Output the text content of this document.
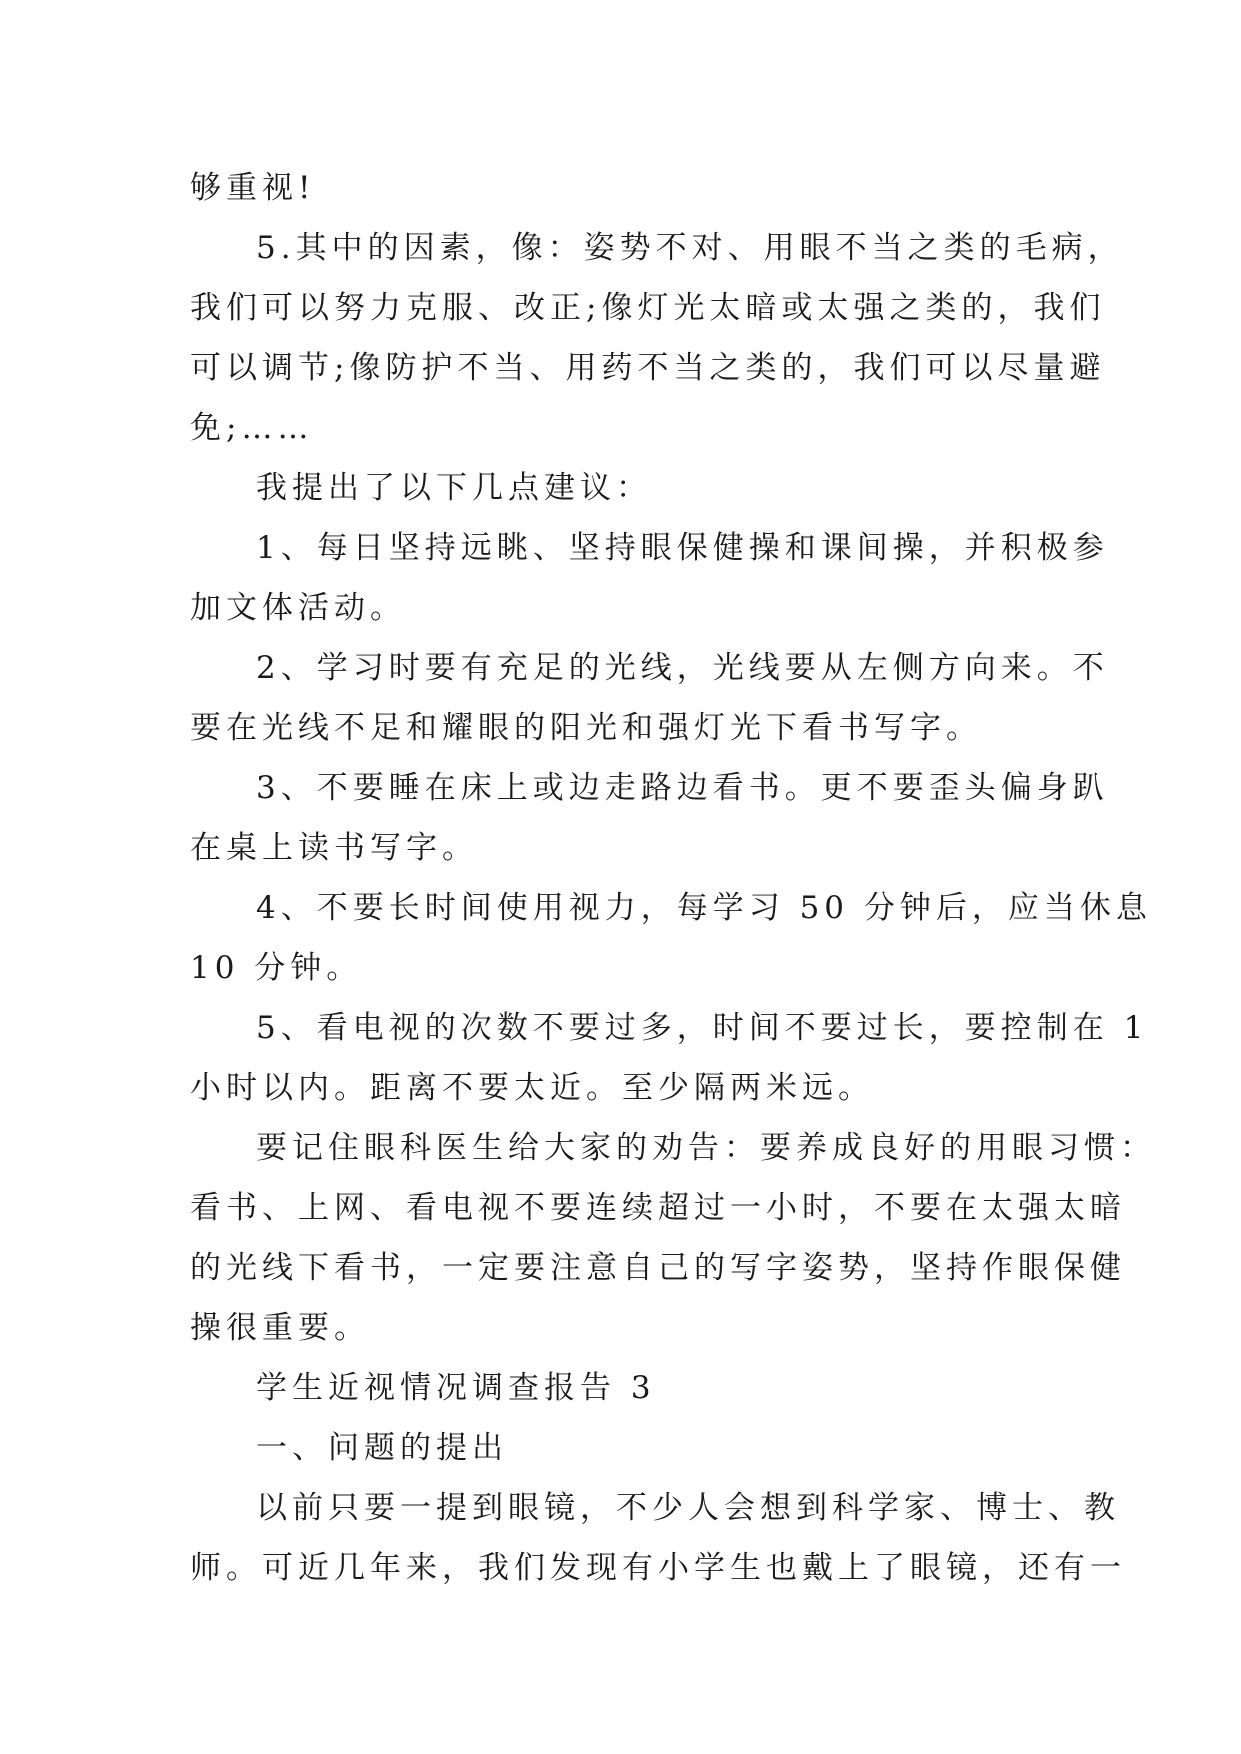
够重视!

5.其中的因素，像：姿势不对、用眼不当之类的毛病，
我们可以努力克服、改正;像灯光太暗或太强之类的，我们
可以调节;像防护不当、用药不当之类的，我们可以尽量避
免;……

我提出了以下几点建议：

1、每日坚持远眺、坚持眼保健操和课间操，并积极参
加文体活动。

2、学习时要有充足的光线，光线要从左侧方向来。不
要在光线不足和耀眼的阳光和强灯光下看书写字。

3、不要睡在床上或边走路边看书。更不要歪头偏身趴
在桌上读书写字。

4、不要长时间使用视力，每学习 50 分钟后，应当休息
10 分钟。

5、看电视的次数不要过多，时间不要过长，要控制在 1
小时以内。距离不要太近。至少隔两米远。

要记住眼科医生给大家的劝告：要养成良好的用眼习惯：
看书、上网、看电视不要连续超过一小时，不要在太强太暗
的光线下看书，一定要注意自己的写字姿势，坚持作眼保健
操很重要。

学生近视情况调查报告 3

一、问题的提出

以前只要一提到眼镜，不少人会想到科学家、博士、教
师。可近几年来，我们发现有小学生也戴上了眼镜，还有一
